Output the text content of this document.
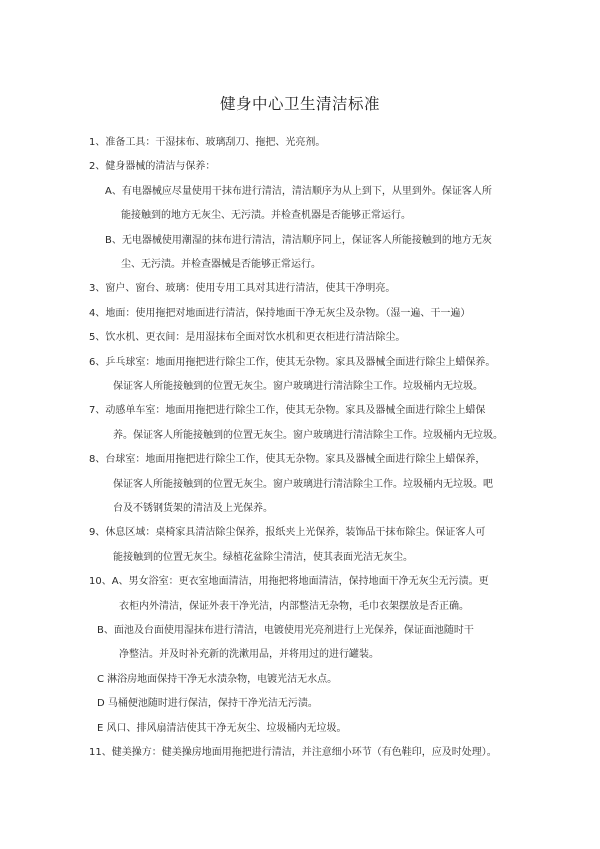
健身中心卫生清洁标准
1、准备工具：干湿抹布、玻璃刮刀、拖把、光亮剂。
2、健身器械的清洁与保养：
A、有电器械应尽量使用干抹布进行清洁，清洁顺序为从上到下，从里到外。保证客人所
能接触到的地方无灰尘、无污渍。并检查机器是否能够正常运行。
B、无电器械使用潮湿的抹布进行清洁，清洁顺序同上，保证客人所能接触到的地方无灰
尘、无污渍。并检查器械是否能够正常运行。
3、窗户、窗台、玻璃：使用专用工具对其进行清洁，使其干净明亮。
4、地面：使用拖把对地面进行清洁，保持地面干净无灰尘及杂物。（湿一遍、干一遍）
5、饮水机、更衣间：是用湿抹布全面对饮水机和更衣柜进行清洁除尘。
6、乒乓球室：地面用拖把进行除尘工作，使其无杂物。家具及器械全面进行除尘上蜡保养。
保证客人所能接触到的位置无灰尘。窗户玻璃进行清洁除尘工作。垃圾桶内无垃圾。
7、动感单车室：地面用拖把进行除尘工作，使其无杂物。家具及器械全面进行除尘上蜡保
养。保证客人所能接触到的位置无灰尘。窗户玻璃进行清洁除尘工作。垃圾桶内无垃圾。
8、台球室：地面用拖把进行除尘工作，使其无杂物。家具及器械全面进行除尘上蜡保养，
保证客人所能接触到的位置无灰尘。窗户玻璃进行清洁除尘工作。垃圾桶内无垃圾。吧
台及不锈钢货架的清洁及上光保养。
9、休息区域：桌椅家具清洁除尘保养，报纸夹上光保养，装饰品干抹布除尘。保证客人可
能接触到的位置无灰尘。绿植花盆除尘清洁，使其表面光洁无灰尘。
10、A、男女浴室：更衣室地面清洁，用拖把将地面清洁，保持地面干净无灰尘无污渍。更
衣柜内外清洁，保证外表干净光洁，内部整洁无杂物，毛巾衣架摆放是否正确。
B、面池及台面使用湿抹布进行清洁，电镀使用光亮剂进行上光保养，保证面池随时干
净整洁。并及时补充新的洗漱用品，并将用过的进行罐装。
C 淋浴房地面保持干净无水渍杂物，电镀光洁无水点。
D 马桶便池随时进行保洁，保持干净光洁无污渍。
E 风口、排风扇清洁使其干净无灰尘、垃圾桶内无垃圾。
11、健美操方：健美操房地面用拖把进行清洁，并注意细小环节（有色鞋印，应及时处理）。
